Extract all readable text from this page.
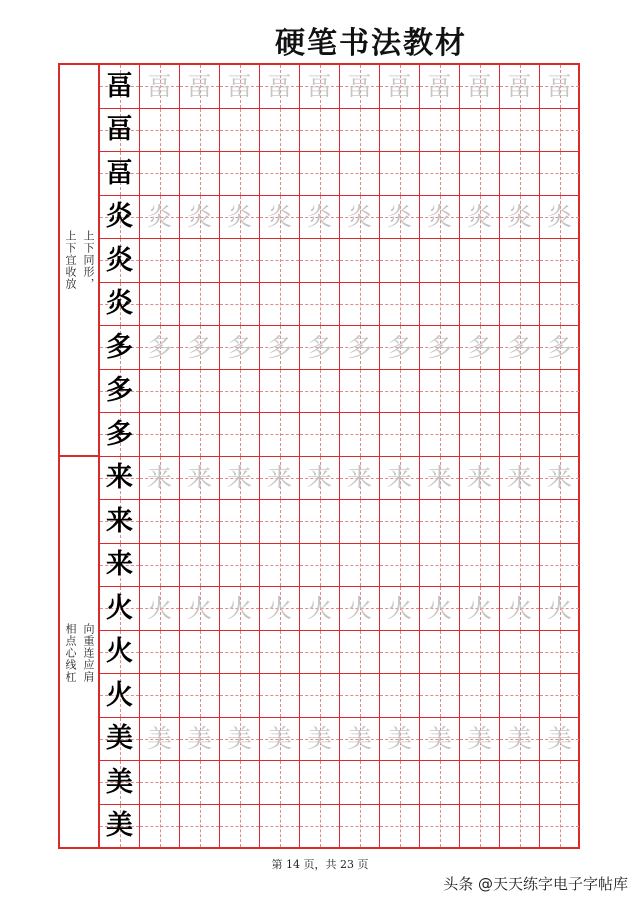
硬笔书法教材
上下同形，
上下宜收放
向重连应肩
相点心线杠
畐 畐 畐 畐 畐 畐 畐 畐 畐 畐 畐 畐
畐
畐
炎 炎 炎 炎 炎 炎 炎 炎 炎 炎 炎 炎
炎
炎
多 多 多 多 多 多 多 多 多 多 多 多
多
多
来 来 来 来 来 来 来 来 来 来 来 来
来
来
火 火 火 火 火 火 火 火 火 火 火 火
火
火
美 美 美 美 美 美 美 美 美 美 美 美
美
美
第 14 页，共 23 页
头条 @天天练字电子字帖库
